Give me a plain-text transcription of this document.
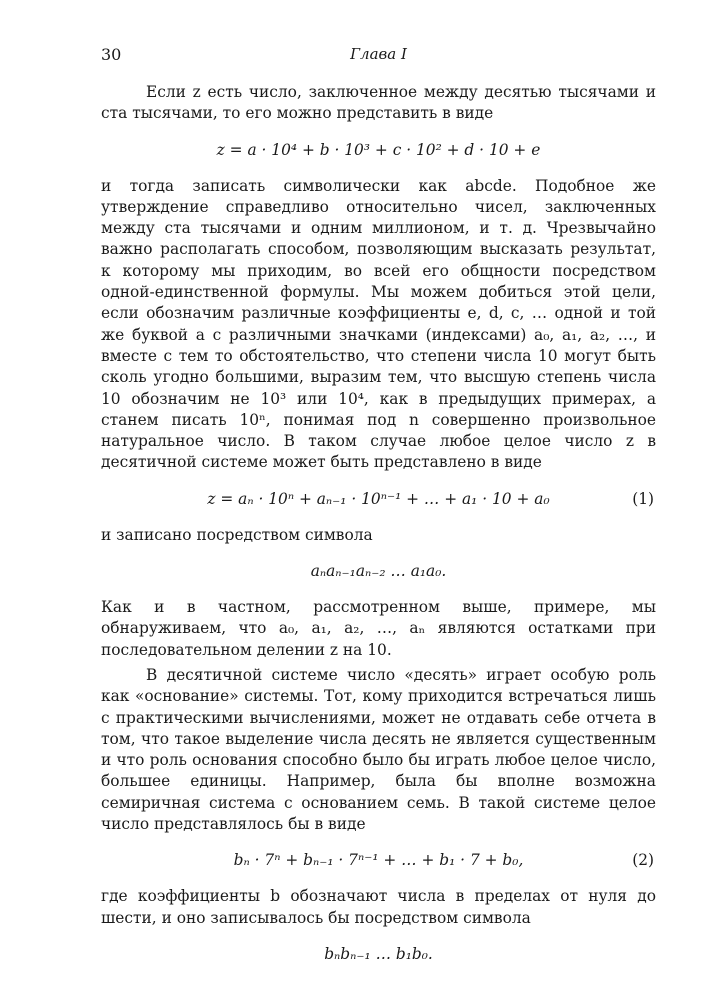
30	Глава I

Если z есть число, заключенное между десятью тысячами и ста тысячами, то его можно представить в виде

z = a · 10⁴ + b · 10³ + c · 10² + d · 10 + e

и тогда записать символически как abcde. Подобное же утверждение справедливо относительно чисел, заключенных между ста тысячами и одним миллионом, и т. д. Чрезвычайно важно располагать способом, позволяющим высказать результат, к которому мы приходим, во всей его общности посредством одной-единственной формулы. Мы можем добиться этой цели, если обозначим различные коэффициенты e, d, c, … одной и той же буквой a с различными значками (индексами) a₀, a₁, a₂, …, и вместе с тем то обстоятельство, что степени числа 10 могут быть сколь угодно большими, выразим тем, что высшую степень числа 10 обозначим не 10³ или 10⁴, как в предыдущих примерах, а станем писать 10ⁿ, понимая под n совершенно произвольное натуральное число. В таком случае любое целое число z в десятичной системе может быть представлено в виде

z = aₙ · 10ⁿ + aₙ₋₁ · 10ⁿ⁻¹ + … + a₁ · 10 + a₀	(1)

и записано посредством символа

aₙaₙ₋₁aₙ₋₂ … a₁a₀.

Как и в частном, рассмотренном выше, примере, мы обнаруживаем, что a₀, a₁, a₂, …, aₙ являются остатками при последовательном делении z на 10.

В десятичной системе число «десять» играет особую роль как «основание» системы. Тот, кому приходится встречаться лишь с практическими вычислениями, может не отдавать себе отчета в том, что такое выделение числа десять не является существенным и что роль основания способно было бы играть любое целое число, большее единицы. Например, была бы вполне возможна семиричная система с основанием семь. В такой системе целое число представлялось бы в виде

bₙ · 7ⁿ + bₙ₋₁ · 7ⁿ⁻¹ + … + b₁ · 7 + b₀,	(2)

где коэффициенты b обозначают числа в пределах от нуля до шести, и оно записывалось бы посредством символа

bₙbₙ₋₁ … b₁b₀.
